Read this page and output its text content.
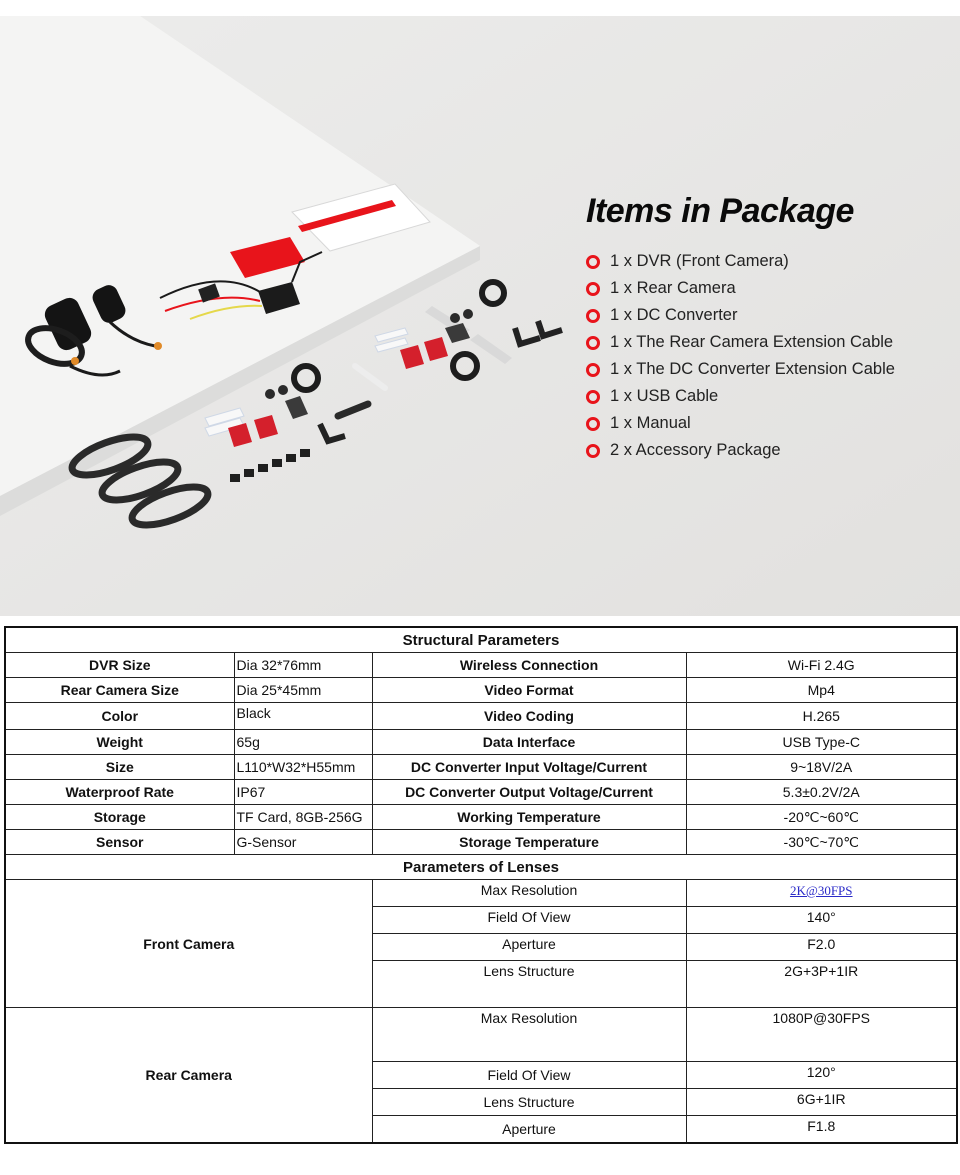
Items in Package
1 x DVR (Front Camera)
1 x Rear Camera
1 x DC Converter
1 x The Rear Camera Extension Cable
1 x The DC Converter Extension Cable
1 x USB Cable
1 x Manual
2 x Accessory Package
Structural Parameters			
DVR Size	Dia 32*76mm	Wireless Connection	Wi-Fi 2.4G
Rear Camera Size	Dia 25*45mm	Video Format	Mp4
Color	Black	Video Coding	H.265
Weight	65g	Data Interface	USB Type-C
Size	L110*W32*H55mm	DC Converter Input Voltage/Current	9~18V/2A
Waterproof Rate	IP67	DC Converter Output Voltage/Current	5.3±0.2V/2A
Storage	TF Card, 8GB-256G	Working Temperature	-20℃~60℃
Sensor	G-Sensor	Storage Temperature	-30℃~70℃
Parameters of Lenses			
Front Camera		Max Resolution	2K@30FPS
		Field Of View	140°
		Aperture	F2.0
		Lens Structure	2G+3P+1IR
Rear Camera		Max Resolution	1080P@30FPS
		Field Of View	120°
		Lens Structure	6G+1IR
		Aperture	F1.8
